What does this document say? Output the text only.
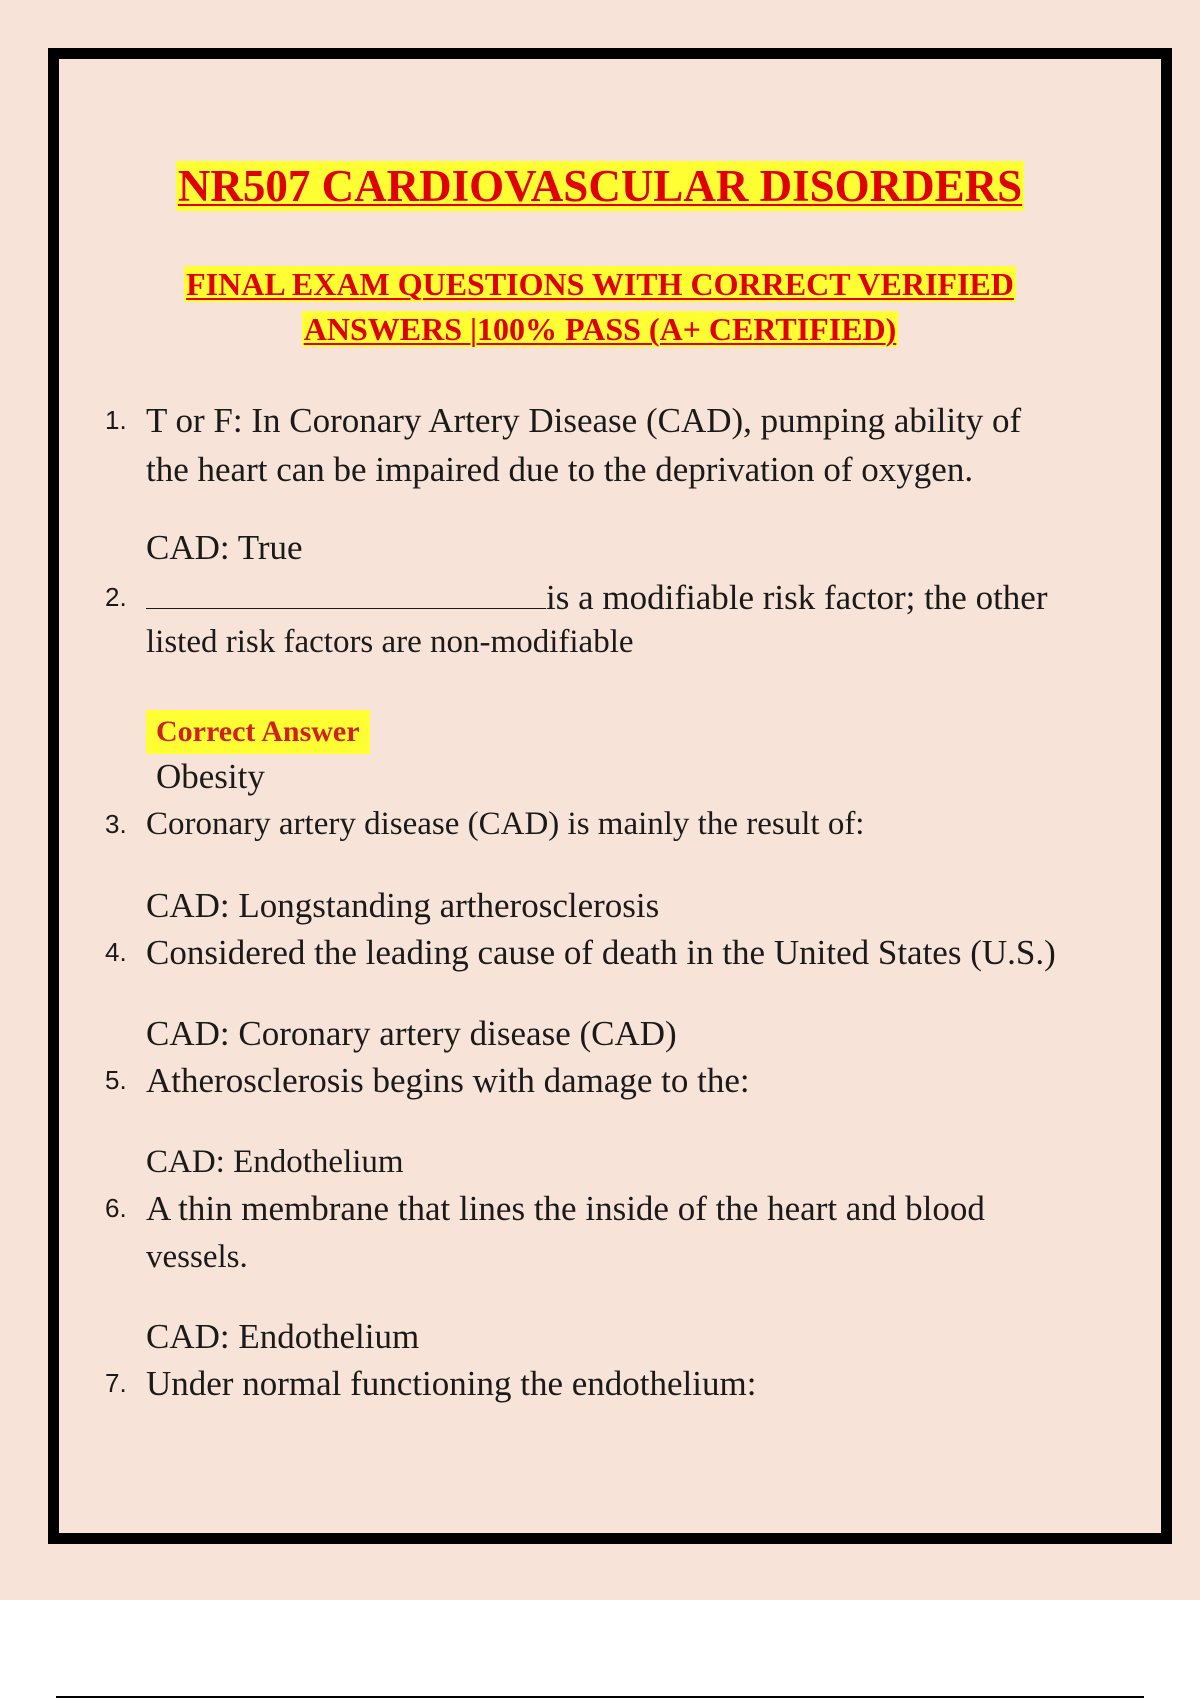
NR507 CARDIOVASCULAR DISORDERS
FINAL EXAM QUESTIONS WITH CORRECT VERIFIED
ANSWERS |100% PASS (A+ CERTIFIED)
1. T or F: In Coronary Artery Disease (CAD), pumping ability of
the heart can be impaired due to the deprivation of oxygen.
CAD: True
2.	is a modifiable risk factor; the other
listed risk factors are non-modifiable
Correct Answer
Obesity
3. Coronary artery disease (CAD) is mainly the result of:
CAD: Longstanding artherosclerosis
4. Considered the leading cause of death in the United States (U.S.)
CAD: Coronary artery disease (CAD)
5. Atherosclerosis begins with damage to the:
CAD: Endothelium
6. A thin membrane that lines the inside of the heart and blood
vessels.
CAD: Endothelium
7. Under normal functioning the endothelium:
